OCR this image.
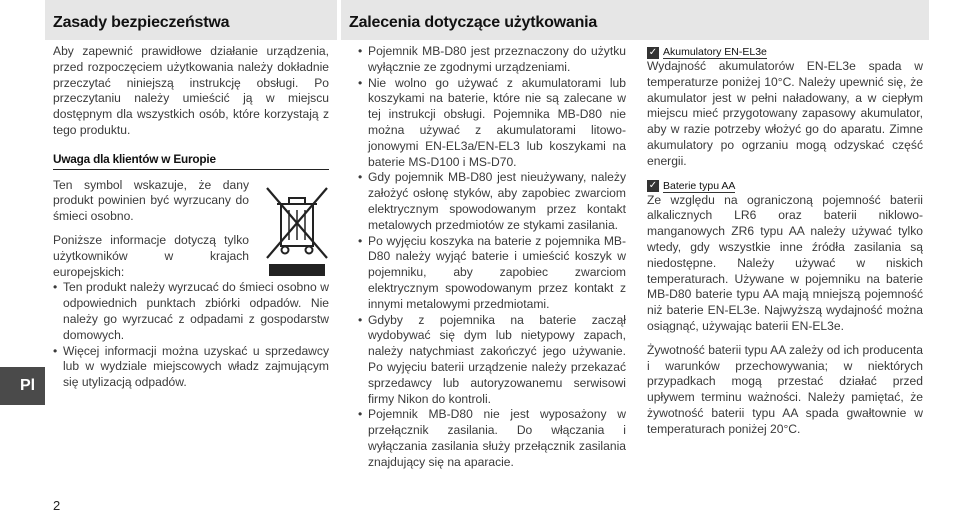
Zasady bezpieczeństwa	Zalecenia dotyczące użytkowania

Aby zapewnić prawidłowe działanie urządzenia, przed rozpoczęciem użytkowania należy dokładnie przeczytać niniejszą instrukcję obsługi. Po przeczytaniu należy umieścić ją w miejscu dostępnym dla wszystkich osób, które korzystają z tego produktu.

Uwaga dla klientów w Europie

Ten symbol wskazuje, że dany produkt powinien być wyrzucany do śmieci osobno.

Poniższe informacje dotyczą tylko użytkowników w krajach europejskich:

• Ten produkt należy wyrzucać do śmieci osobno w odpowiednich punktach zbiórki odpadów. Nie należy go wyrzucać z odpadami z gospodarstw domowych.
• Więcej informacji można uzyskać u sprzedawcy lub w wydziale miejscowych władz zajmującym się utylizacją odpadów.
• Pojemnik MB-D80 jest przeznaczony do użytku wyłącznie ze zgodnymi urządzeniami.
• Nie wolno go używać z akumulatorami lub koszykami na baterie, które nie są zalecane w tej instrukcji obsługi. Pojemnika MB-D80 nie można używać z akumulatorami litowo-jonowymi EN-EL3a/EN-EL3 lub koszykami na baterie MS-D100 i MS-D70.
• Gdy pojemnik MB-D80 jest nieużywany, należy założyć osłonę styków, aby zapobiec zwarciom elektrycznym spowodowanym przez kontakt metalowych przedmiotów ze stykami zasilania.
• Po wyjęciu koszyka na baterie z pojemnika MB-D80 należy wyjąć baterie i umieścić koszyk w pojemniku, aby zapobiec zwarciom elektrycznym spowodowanym przez kontakt z innymi metalowymi przedmiotami.
• Gdyby z pojemnika na baterie zaczął wydobywać się dym lub nietypowy zapach, należy natychmiast zakończyć jego używanie. Po wyjęciu baterii urządzenie należy przekazać sprzedawcy lub autoryzowanemu serwisowi firmy Nikon do kontroli.
• Pojemnik MB-D80 nie jest wyposażony w przełącznik zasilania. Do włączania i wyłączania zasilania służy przełącznik zasilania znajdujący się na aparacie.
✓ Akumulatory EN-EL3e

Wydajność akumulatorów EN-EL3e spada w temperaturze poniżej 10°C. Należy upewnić się, że akumulator jest w pełni naładowany, a w ciepłym miejscu mieć przygotowany zapasowy akumulator, aby w razie potrzeby włożyć go do aparatu. Zimne akumulatory po ogrzaniu mogą odzyskać część energii.

✓ Baterie typu AA

Ze względu na ograniczoną pojemność baterii alkalicznych LR6 oraz baterii niklowo-manganowych ZR6 typu AA należy używać tylko wtedy, gdy wszystkie inne źródła zasilania są niedostępne. Należy używać w niskich temperaturach. Używane w pojemniku na baterie MB-D80 baterie typu AA mają mniejszą pojemność niż baterie EN-EL3e. Najwyższą wydajność można osiągnąć, używając baterii EN-EL3e.

Żywotność baterii typu AA zależy od ich producenta i warunków przechowywania; w niektórych przypadkach mogą przestać działać przed upływem terminu ważności. Należy pamiętać, że żywotność baterii typu AA spada gwałtownie w temperaturach poniżej 20°C.

Pl
2
